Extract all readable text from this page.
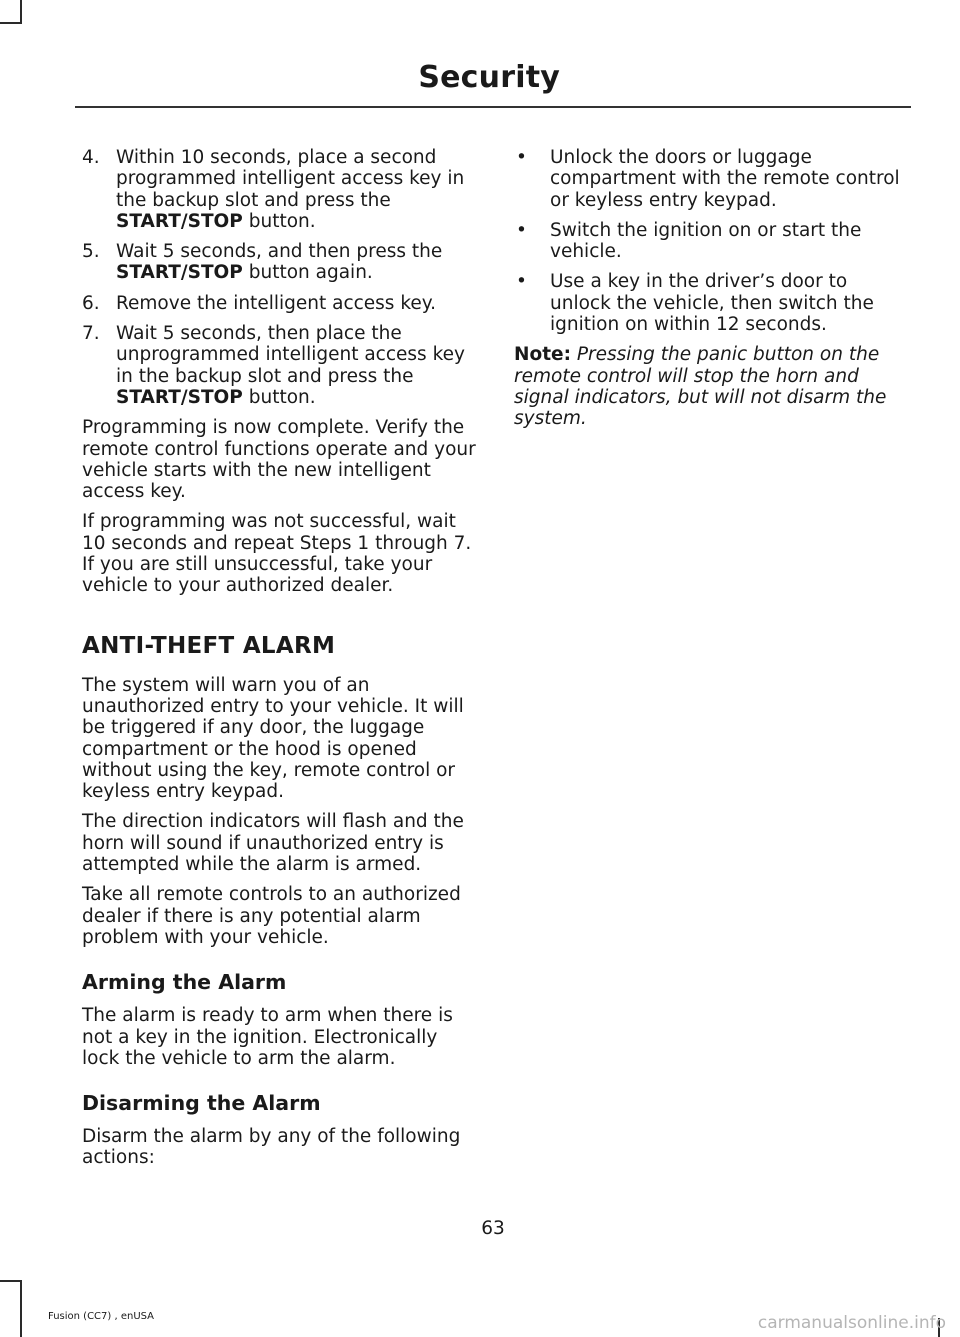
Security
4. Within 10 seconds, place a second programmed intelligent access key in the backup slot and press the START/STOP button.
5. Wait 5 seconds, and then press the START/STOP button again.
6. Remove the intelligent access key.
7. Wait 5 seconds, then place the unprogrammed intelligent access key in the backup slot and press the START/STOP button.

Programming is now complete. Verify the remote control functions operate and your vehicle starts with the new intelligent access key.

If programming was not successful, wait 10 seconds and repeat Steps 1 through 7. If you are still unsuccessful, take your vehicle to your authorized dealer.

ANTI-THEFT ALARM

The system will warn you of an unauthorized entry to your vehicle. It will be triggered if any door, the luggage compartment or the hood is opened without using the key, remote control or keyless entry keypad.

The direction indicators will flash and the horn will sound if unauthorized entry is attempted while the alarm is armed.

Take all remote controls to an authorized dealer if there is any potential alarm problem with your vehicle.

Arming the Alarm

The alarm is ready to arm when there is not a key in the ignition. Electronically lock the vehicle to arm the alarm.

Disarming the Alarm

Disarm the alarm by any of the following actions:

•	Unlock the doors or luggage compartment with the remote control or keyless entry keypad.
•	Switch the ignition on or start the vehicle.
•	Use a key in the driver’s door to unlock the vehicle, then switch the ignition on within 12 seconds.

Note: Pressing the panic button on the remote control will stop the horn and signal indicators, but will not disarm the system.

63
Fusion (CC7) , enUSA	carmanualsonline.info
